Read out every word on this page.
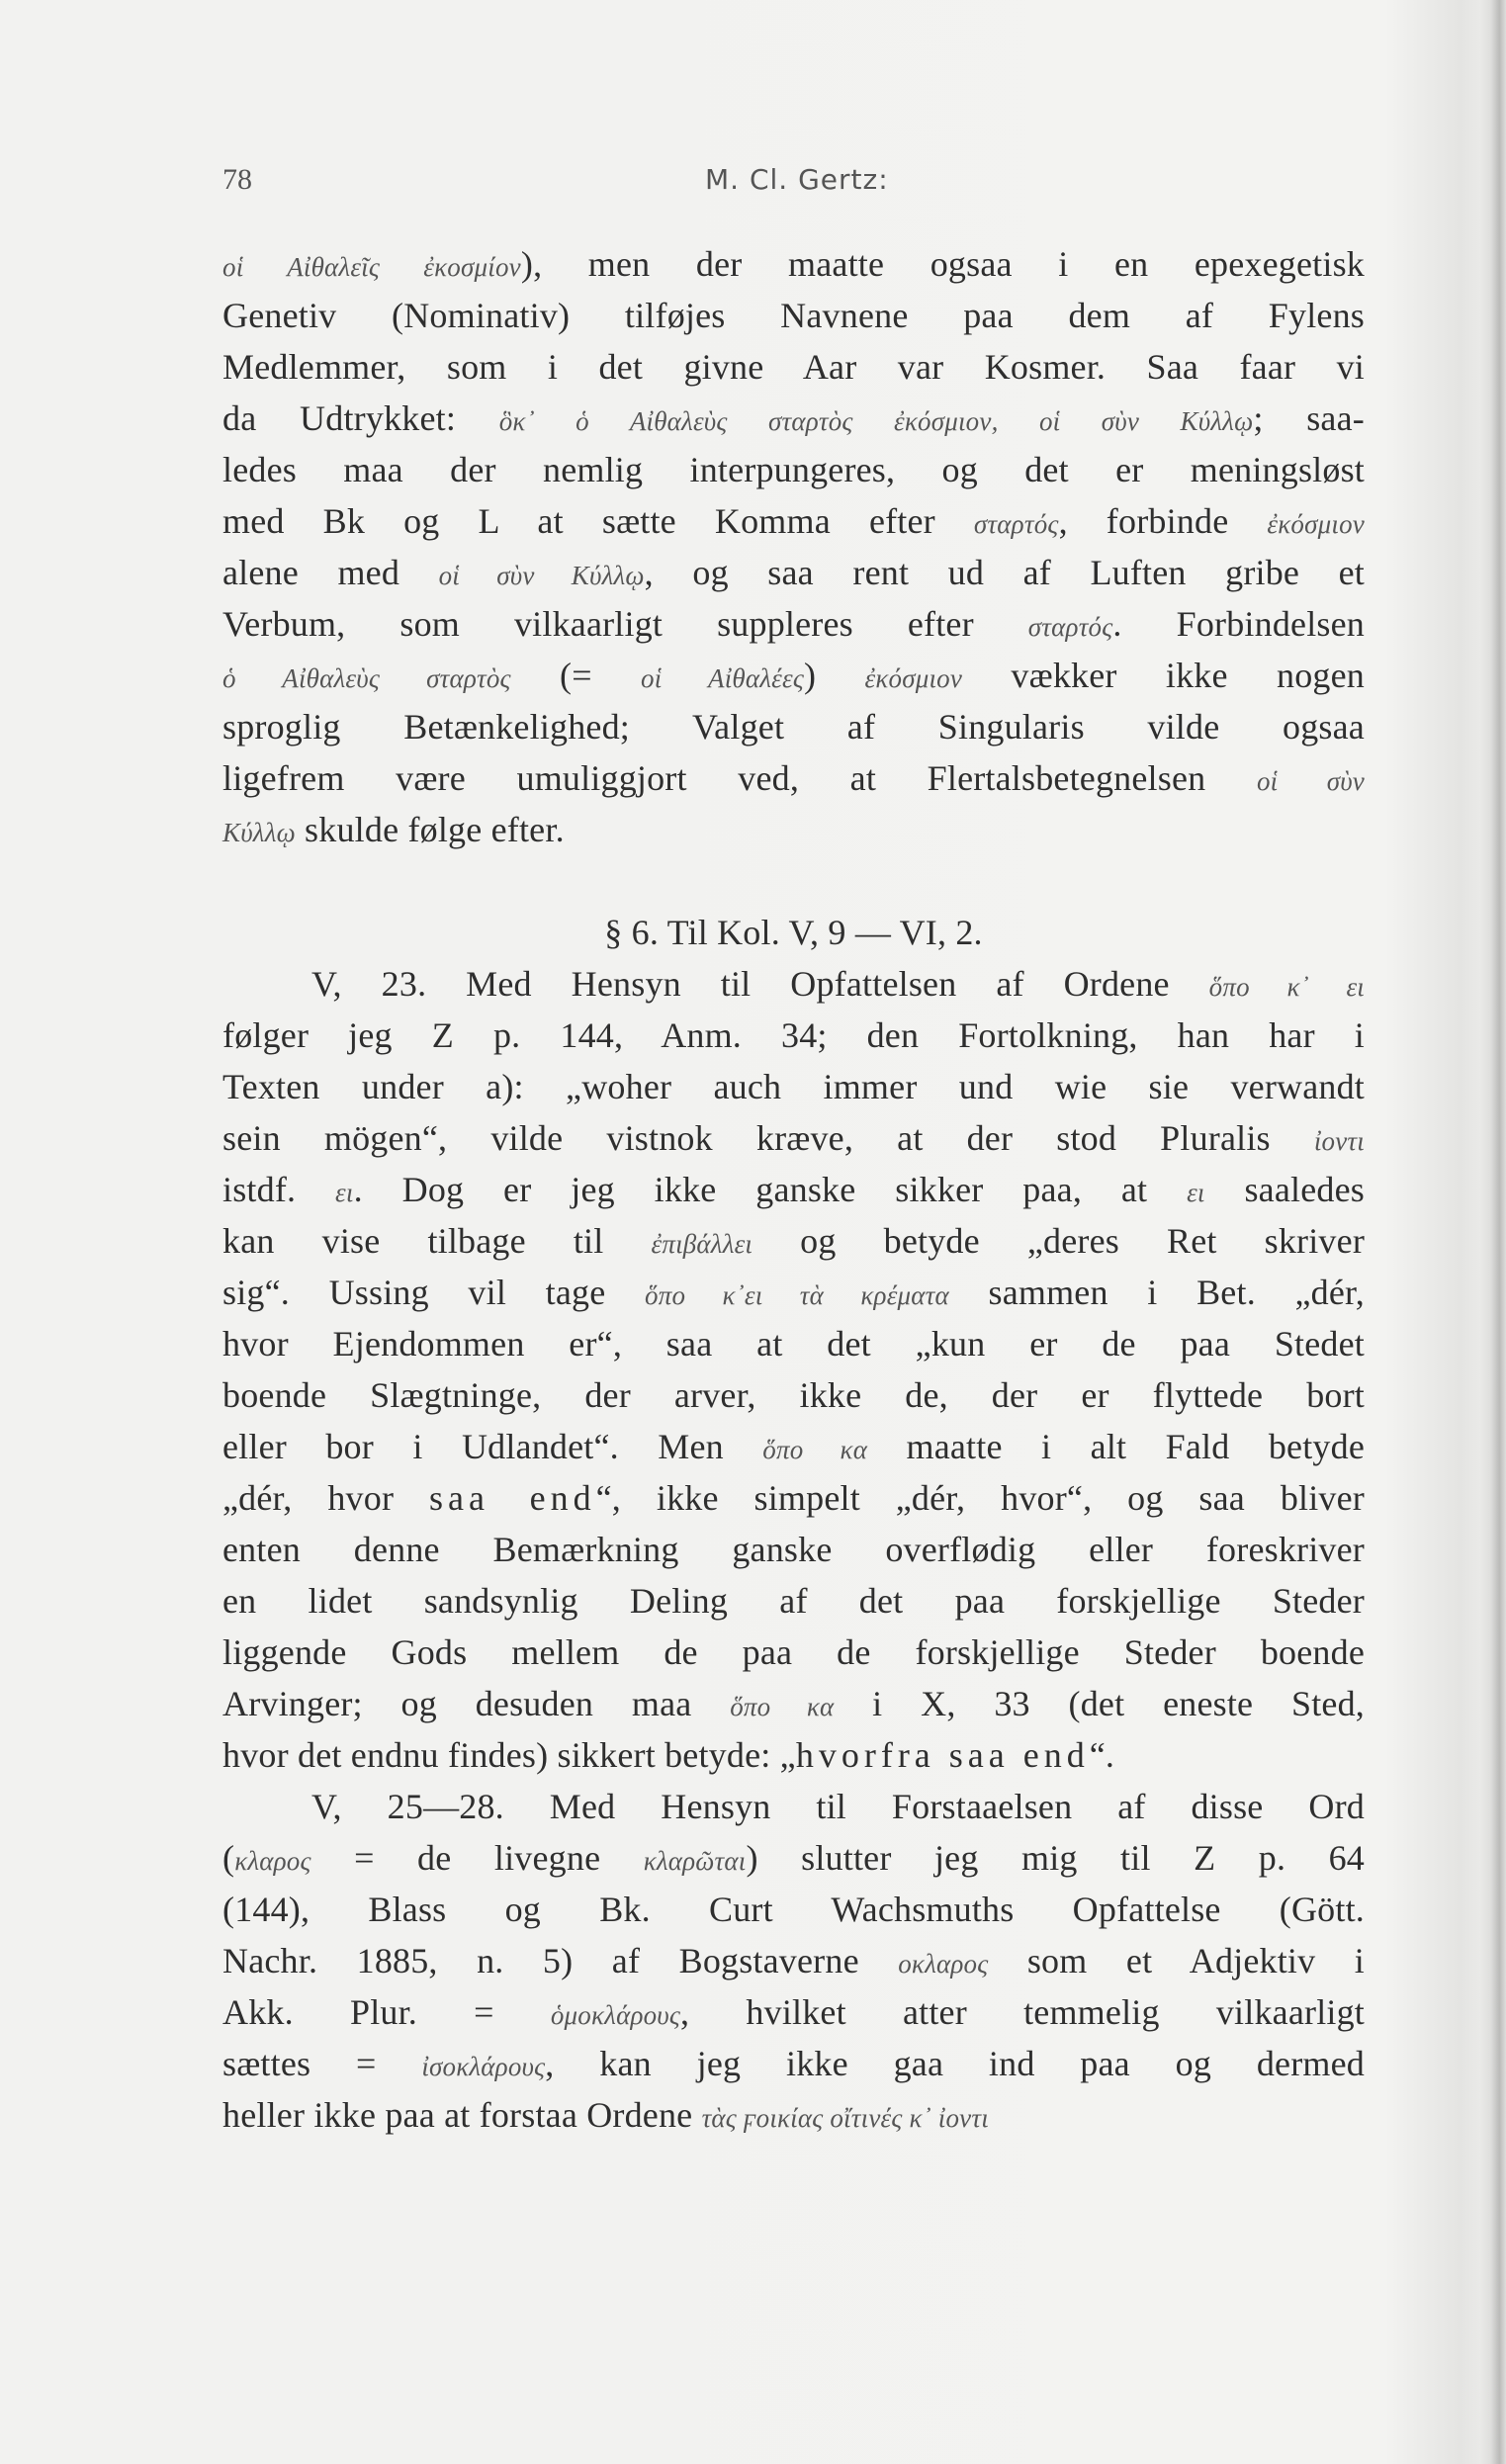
78	M. Cl. Gertz:
οἱ Αἰθαλεῖς ἐκοσμίον), men der maatte ogsaa i en epexegetisk
Genetiv (Nominativ) tilføjes Navnene paa dem af Fylens
Medlemmer, som i det givne Aar var Kosmer. Saa faar vi
da Udtrykket: ὃκ᾽ ὁ Αἰθαλεὺς σταρτὸς ἐκόσμιον, οἱ σὺν Κύλλῳ; saa-
ledes maa der nemlig interpungeres, og det er meningsløst
med Bk og L at sætte Komma efter σταρτός, forbinde ἐκόσμιον
alene med οἱ σὺν Κύλλῳ, og saa rent ud af Luften gribe et
Verbum, som vilkaarligt suppleres efter σταρτός. Forbindelsen
ὁ Αἰθαλεὺς σταρτὸς (= οἱ Αἰθαλέες) ἐκόσμιον vækker ikke nogen
sproglig Betænkelighed; Valget af Singularis vilde ogsaa
ligefrem være umuliggjort ved, at Flertalsbetegnelsen οἱ σὺν
Κύλλῳ skulde følge efter.
§ 6. Til Kol. V, 9 — VI, 2.
V, 23. Med Hensyn til Opfattelsen af Ordene ὅπο κ᾽ ει
følger jeg Z p. 144, Anm. 34; den Fortolkning, han har i
Texten under a): „woher auch immer und wie sie verwandt
sein mögen“, vilde vistnok kræve, at der stod Pluralis ἰοντι
istdf. ει. Dog er jeg ikke ganske sikker paa, at ει saaledes
kan vise tilbage til ἐπιβάλλει og betyde „deres Ret skriver
sig“. Ussing vil tage ὅπο κ᾽ει τὰ κρέματα sammen i Bet. „dér,
hvor Ejendommen er“, saa at det „kun er de paa Stedet
boende Slægtninge, der arver, ikke de, der er flyttede bort
eller bor i Udlandet“. Men ὅπο κα maatte i alt Fald betyde
„dér, hvor saa end“, ikke simpelt „dér, hvor“, og saa bliver
enten denne Bemærkning ganske overflødig eller foreskriver
en lidet sandsynlig Deling af det paa forskjellige Steder
liggende Gods mellem de paa de forskjellige Steder boende
Arvinger; og desuden maa ὅπο κα i X, 33 (det eneste Sted,
hvor det endnu findes) sikkert betyde: „hvorfra saa end“.
V, 25—28. Med Hensyn til Forstaaelsen af disse Ord
(κλαρος = de livegne κλαρῶται) slutter jeg mig til Z p. 64
(144), Blass og Bk. Curt Wachsmuths Opfattelse (Gött.
Nachr. 1885, n. 5) af Bogstaverne οκλαρος som et Adjektiv i
Akk. Plur. = ὁμοκλάρους, hvilket atter temmelig vilkaarligt
sættes = ἰσοκλάρους, kan jeg ikke gaa ind paa og dermed
heller ikke paa at forstaa Ordene τὰς ϝοικίας οἴτινές κ᾽ ἰοντι
